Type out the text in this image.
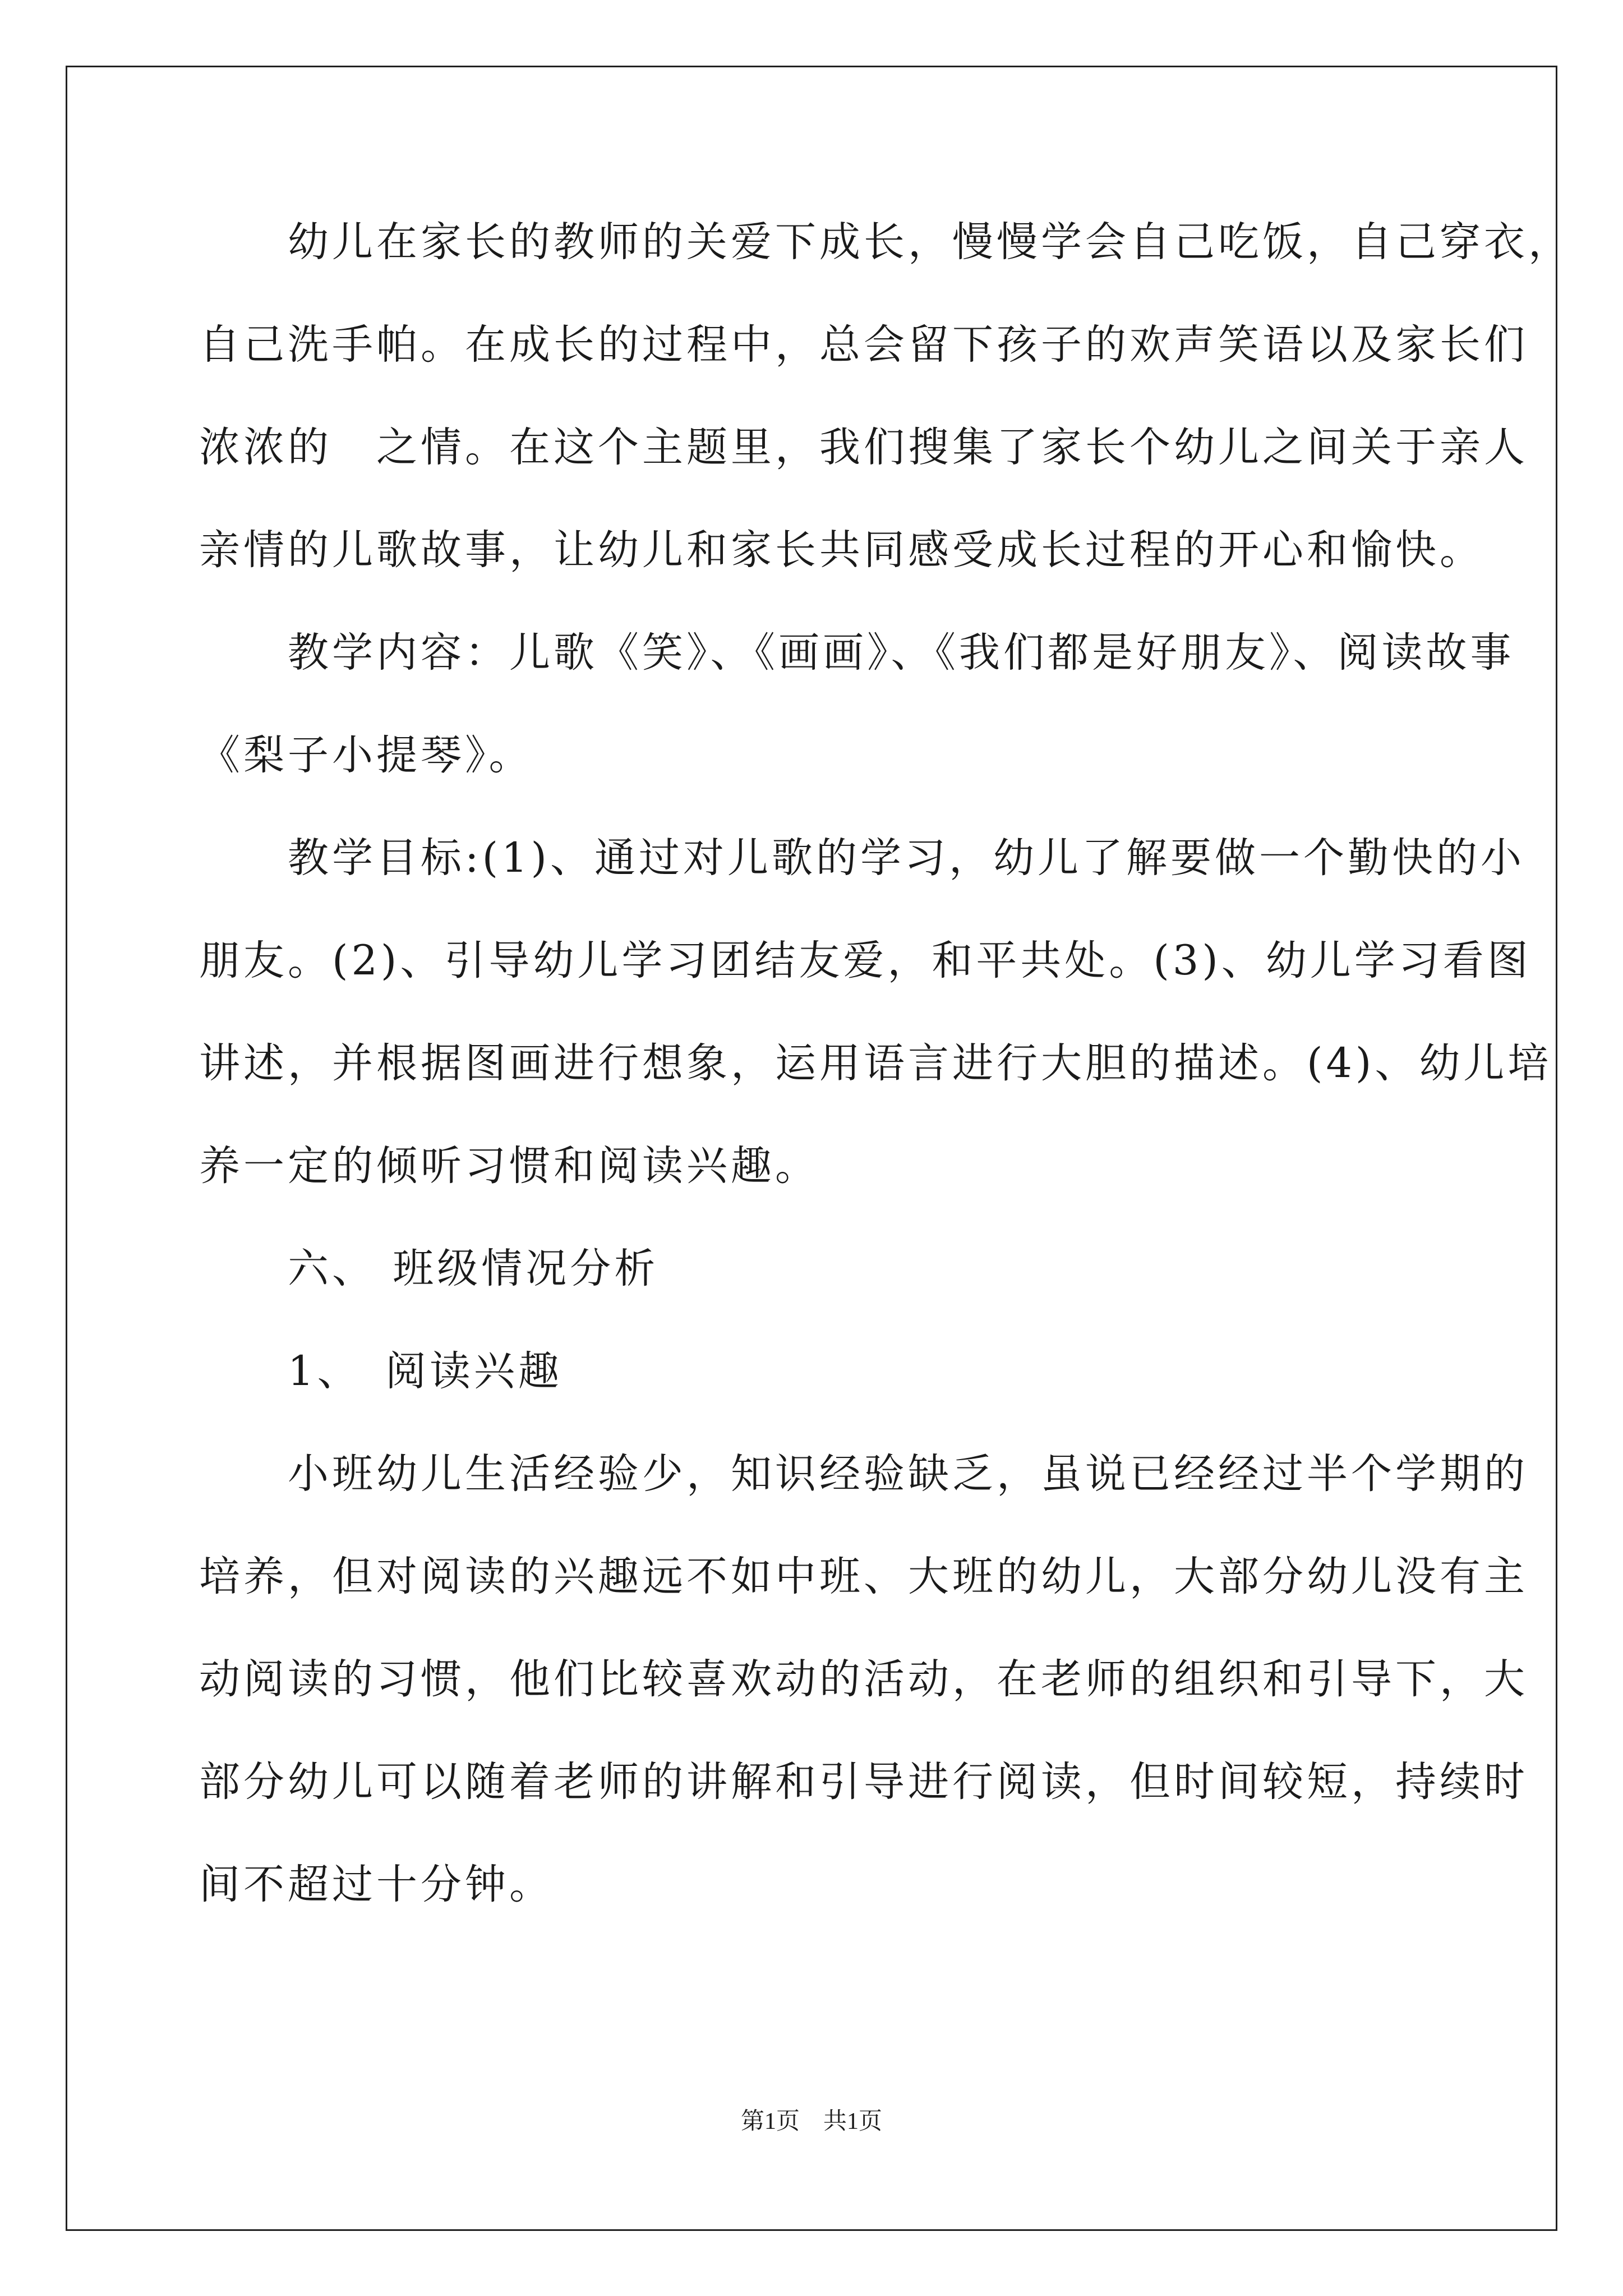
　　幼儿在家长的教师的关爱下成长，慢慢学会自己吃饭，自己穿衣，
自己洗手帕。在成长的过程中，总会留下孩子的欢声笑语以及家长们
浓浓的　之情。在这个主题里，我们搜集了家长个幼儿之间关于亲人
亲情的儿歌故事，让幼儿和家长共同感受成长过程的开心和愉快。
　　教学内容：儿歌《笑》、《画画》、《我们都是好朋友》、阅读故事
《梨子小提琴》。
　　教学目标:(1)、通过对儿歌的学习，幼儿了解要做一个勤快的小
朋友。(2)、引导幼儿学习团结友爱，和平共处。(3)、幼儿学习看图
讲述，并根据图画进行想象，运用语言进行大胆的描述。(4)、幼儿培
养一定的倾听习惯和阅读兴趣。
　　六、 班级情况分析
　　1、　阅读兴趣
　　小班幼儿生活经验少，知识经验缺乏，虽说已经经过半个学期的
培养，但对阅读的兴趣远不如中班、大班的幼儿，大部分幼儿没有主
动阅读的习惯，他们比较喜欢动的活动，在老师的组织和引导下，大
部分幼儿可以随着老师的讲解和引导进行阅读，但时间较短，持续时
间不超过十分钟。
第1页　共1页
